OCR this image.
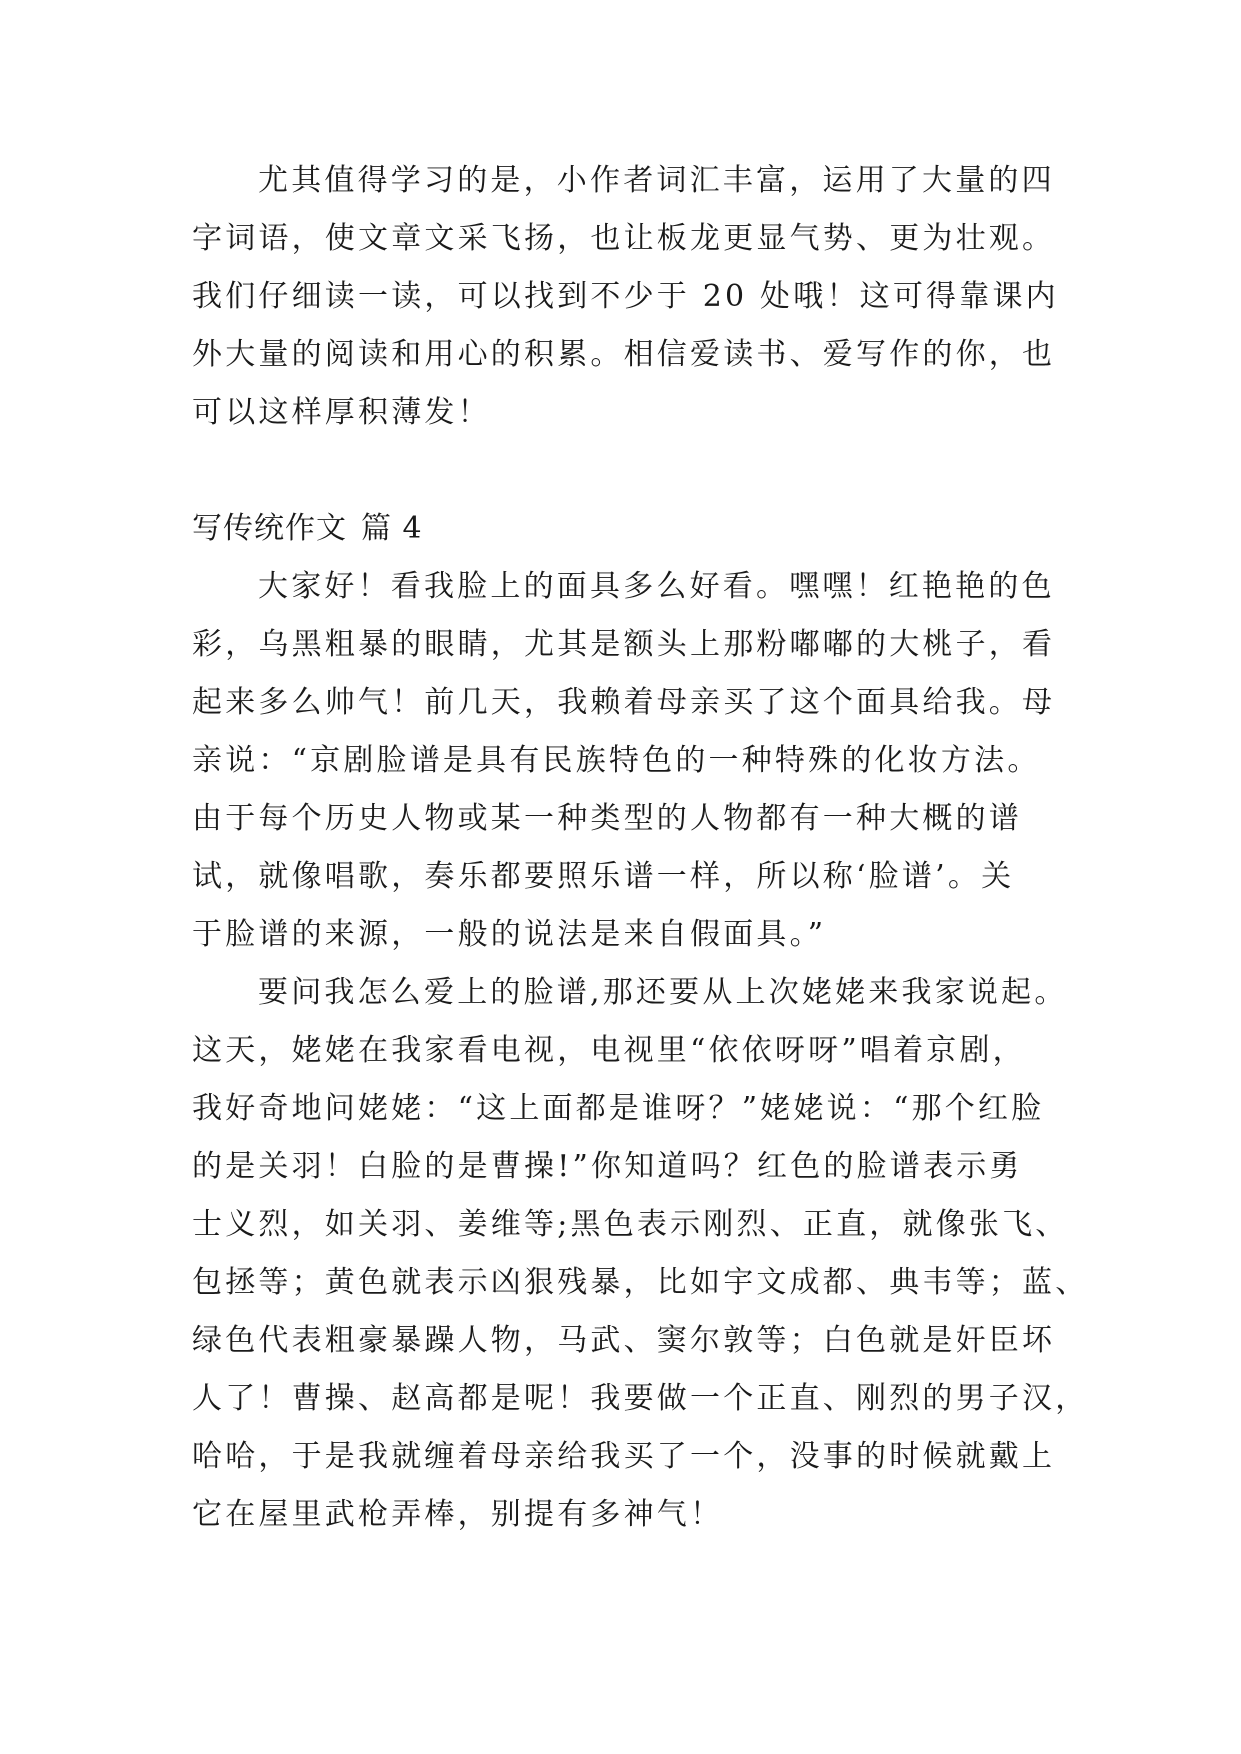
尤其值得学习的是，小作者词汇丰富，运用了大量的四
字词语，使文章文采飞扬，也让板龙更显气势、更为壮观。
我们仔细读一读，可以找到不少于 20 处哦！这可得靠课内
外大量的阅读和用心的积累。相信爱读书、爱写作的你，也
可以这样厚积薄发！
写传统作文 篇 4
大家好！看我脸上的面具多么好看。嘿嘿！红艳艳的色
彩，乌黑粗暴的眼睛，尤其是额头上那粉嘟嘟的大桃子，看
起来多么帅气！前几天，我赖着母亲买了这个面具给我。母
亲说：“京剧脸谱是具有民族特色的一种特殊的化妆方法。
由于每个历史人物或某一种类型的人物都有一种大概的谱
试，就像唱歌，奏乐都要照乐谱一样，所以称‘脸谱’。关
于脸谱的来源，一般的说法是来自假面具。”
要问我怎么爱上的脸谱,那还要从上次姥姥来我家说起。
这天，姥姥在我家看电视，电视里“依依呀呀”唱着京剧，
我好奇地问姥姥：“这上面都是谁呀？”姥姥说：“那个红脸
的是关羽！白脸的是曹操!”你知道吗？红色的脸谱表示勇
士义烈，如关羽、姜维等;黑色表示刚烈、正直，就像张飞、
包拯等；黄色就表示凶狠残暴，比如宇文成都、典韦等；蓝、
绿色代表粗豪暴躁人物，马武、窦尔敦等；白色就是奸臣坏
人了！曹操、赵高都是呢！我要做一个正直、刚烈的男子汉，
哈哈，于是我就缠着母亲给我买了一个，没事的时候就戴上
它在屋里武枪弄棒，别提有多神气！
